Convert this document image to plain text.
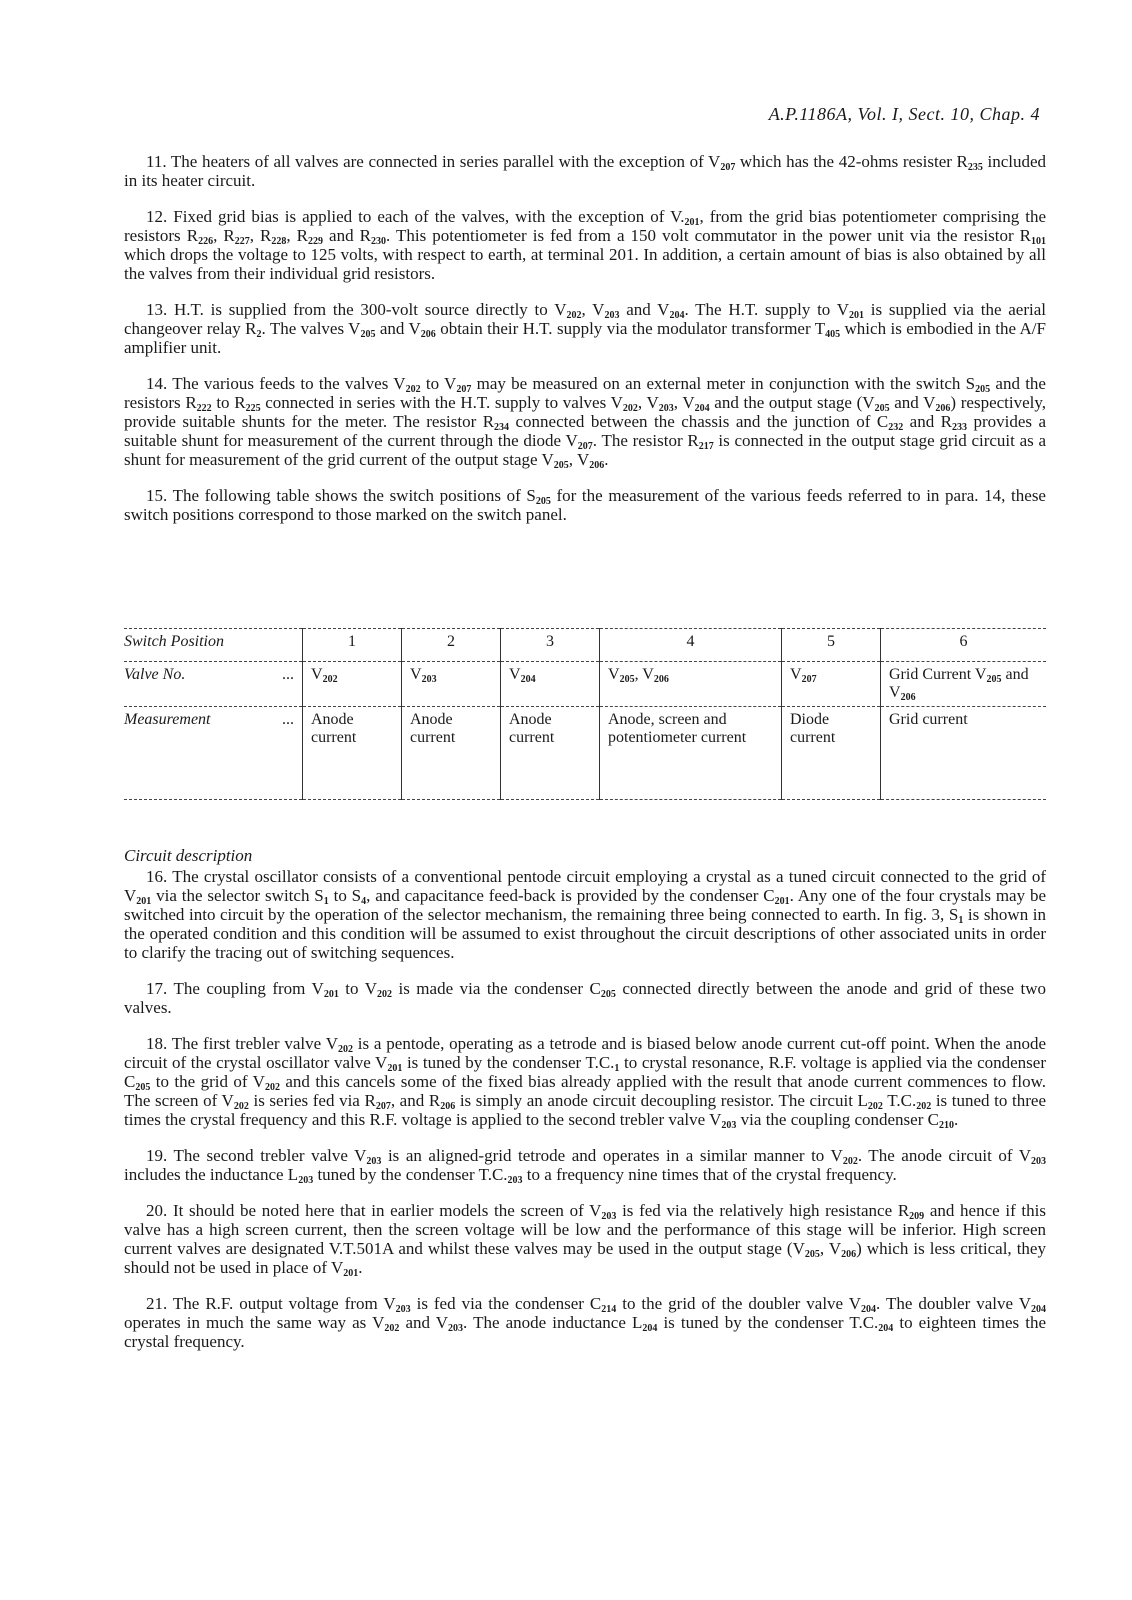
A.P.1186A, Vol. I, Sect. 10, Chap. 4

11. The heaters of all valves are connected in series parallel with the exception of $V_{207}$ which has the 42-ohms resister $R_{235}$ included in its heater circuit.

12. Fixed grid bias is applied to each of the valves, with the exception of $V._{201}$, from the grid bias potentiometer comprising the resistors $R_{226}$, $R_{227}$, $R_{228}$, $R_{229}$ and $R_{230}$. This potentiometer is fed from a 150 volt commutator in the power unit via the resistor $R_{101}$ which drops the voltage to 125 volts, with respect to earth, at terminal 201. In addition, a certain amount of bias is also obtained by all the valves from their individual grid resistors.

13. H.T. is supplied from the 300-volt source directly to $V_{202}$, $V_{203}$ and $V_{204}$. The H.T. supply to $V_{201}$ is supplied via the aerial changeover relay $R_2$. The valves $V_{205}$ and $V_{206}$ obtain their H.T. supply via the modulator transformer $T_{405}$ which is embodied in the A/F amplifier unit.

14. The various feeds to the valves $V_{202}$ to $V_{207}$ may be measured on an external meter in conjunction with the switch $S_{205}$ and the resistors $R_{222}$ to $R_{225}$ connected in series with the H.T. supply to valves $V_{202}$, $V_{203}$, $V_{204}$ and the output stage ($V_{205}$ and $V_{206}$) respectively, provide suitable shunts for the meter. The resistor $R_{234}$ connected between the chassis and the junction of $C_{232}$ and $R_{233}$ provides a suitable shunt for measurement of the current through the diode $V_{207}$. The resistor $R_{217}$ is connected in the output stage grid circuit as a shunt for measurement of the grid current of the output stage $V_{205}$, $V_{206}$.

15. The following table shows the switch positions of $S_{205}$ for the measurement of the various feeds referred to in para. 14, these switch positions correspond to those marked on the switch panel.

Switch Position	1	2	3	4	5	6
Valve No. ...	$V_{202}$	$V_{203}$	$V_{204}$	$V_{205}$, $V_{206}$	$V_{207}$	Grid Current $V_{205}$ and $V_{206}$
Measurement ...	Anode current	Anode current	Anode current	Anode, screen and potentiometer current	Diode current	Grid current
Circuit description

16. The crystal oscillator consists of a conventional pentode circuit employing a crystal as a tuned circuit connected to the grid of $V_{201}$ via the selector switch $S_1$ to $S_4$, and capacitance feed-back is provided by the condenser $C_{201}$. Any one of the four crystals may be switched into circuit by the operation of the selector mechanism, the remaining three being connected to earth. In fig. 3, $S_1$ is shown in the operated condition and this condition will be assumed to exist throughout the circuit descriptions of other associated units in order to clarify the tracing out of switching sequences.

17. The coupling from $V_{201}$ to $V_{202}$ is made via the condenser $C_{205}$ connected directly between the anode and grid of these two valves.

18. The first trebler valve $V_{202}$ is a pentode, operating as a tetrode and is biased below anode current cut-off point. When the anode circuit of the crystal oscillator valve $V_{201}$ is tuned by the condenser $T.C._1$ to crystal resonance, R.F. voltage is applied via the condenser $C_{205}$ to the grid of $V_{202}$ and this cancels some of the fixed bias already applied with the result that anode current commences to flow. The screen of $V_{202}$ is series fed via $R_{207}$, and $R_{206}$ is simply an anode circuit decoupling resistor. The circuit $L_{202}$ $T.C._{202}$ is tuned to three times the crystal frequency and this R.F. voltage is applied to the second trebler valve $V_{203}$ via the coupling condenser $C_{210}$.

19. The second trebler valve $V_{203}$ is an aligned-grid tetrode and operates in a similar manner to $V_{202}$. The anode circuit of $V_{203}$ includes the inductance $L_{203}$ tuned by the condenser $T.C._{203}$ to a frequency nine times that of the crystal frequency.

20. It should be noted here that in earlier models the screen of $V_{203}$ is fed via the relatively high resistance $R_{209}$ and hence if this valve has a high screen current, then the screen voltage will be low and the performance of this stage will be inferior. High screen current valves are designated V.T.501A and whilst these valves may be used in the output stage ($V_{205}$, $V_{206}$) which is less critical, they should not be used in place of $V_{201}$.

21. The R.F. output voltage from $V_{203}$ is fed via the condenser $C_{214}$ to the grid of the doubler valve $V_{204}$. The doubler valve $V_{204}$ operates in much the same way as $V_{202}$ and $V_{203}$. The anode inductance $L_{204}$ is tuned by the condenser $T.C._{204}$ to eighteen times the crystal frequency.
